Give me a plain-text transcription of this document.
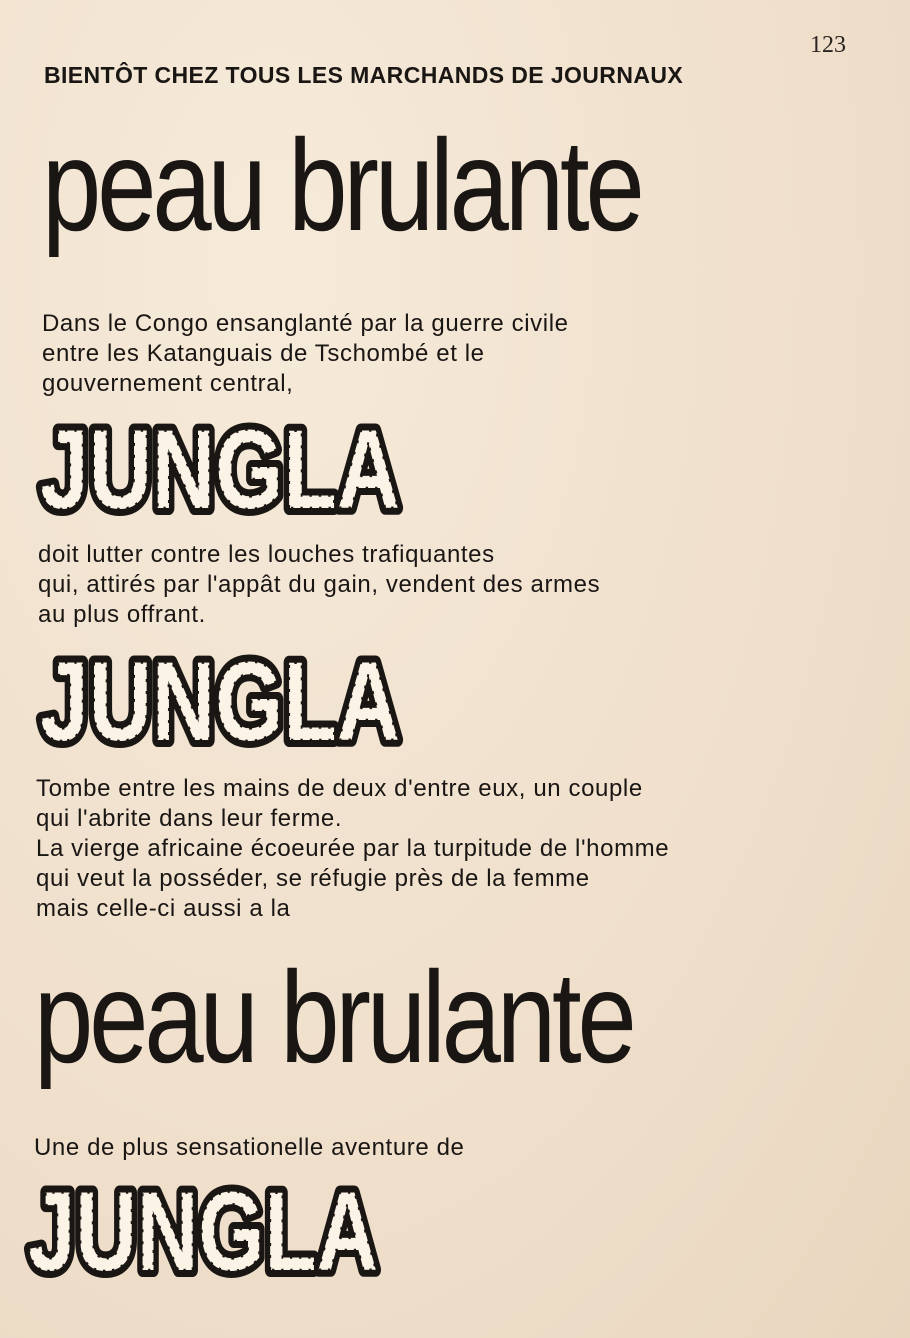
123
BIENTÔT CHEZ TOUS LES MARCHANDS DE JOURNAUX
peau brulante
Dans le Congo ensanglanté par la guerre civile
entre les Katanguais de Tschombé et le
gouvernement central,
JUNGLA
JUNGLA
doit lutter contre les louches trafiquantes
qui, attirés par l'appât du gain, vendent des armes
au plus offrant.
JUNGLA
JUNGLA
Tombe entre les mains de deux d'entre eux, un couple
qui l'abrite dans leur ferme.
La vierge africaine écoeurée par la turpitude de l'homme
qui veut la posséder, se réfugie près de la femme
mais celle-ci aussi a la
peau brulante
Une de plus sensationelle aventure de
JUNGLA
JUNGLA
